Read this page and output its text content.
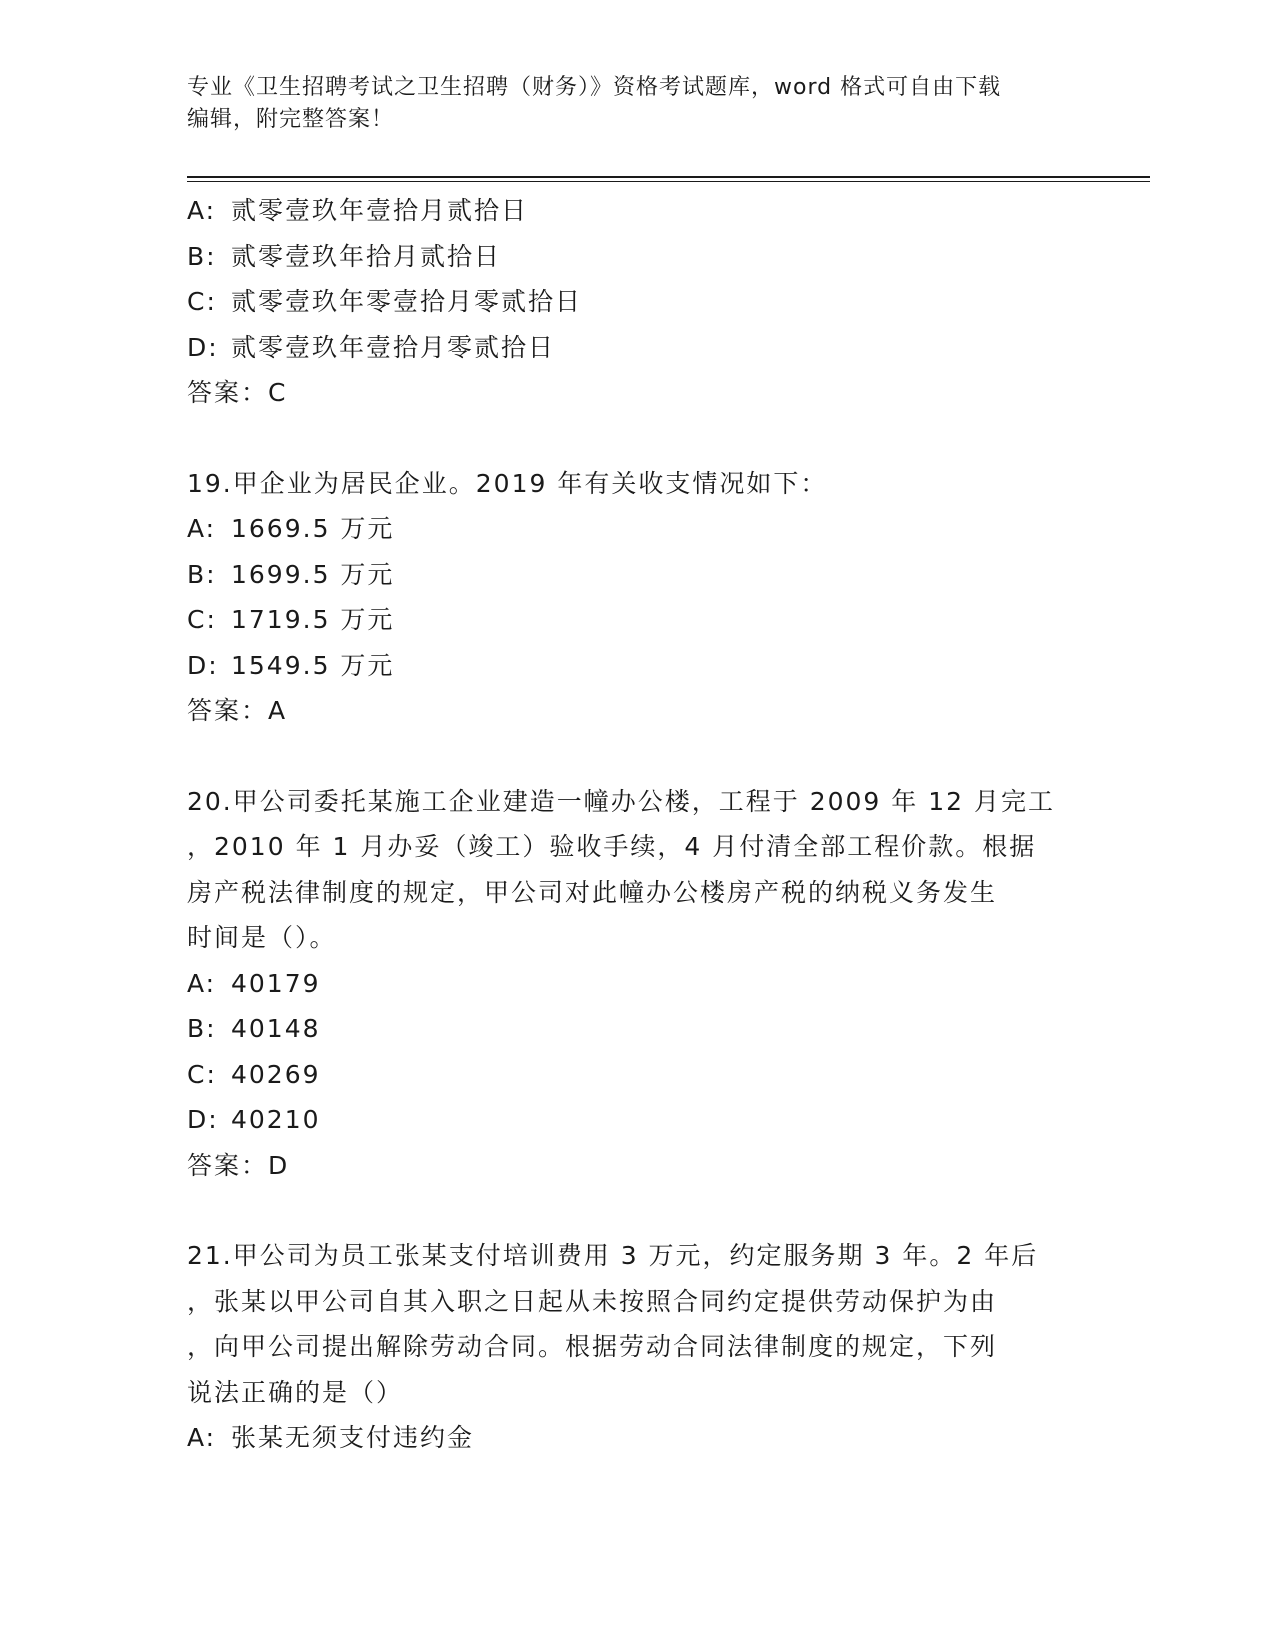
专业《卫生招聘考试之卫生招聘（财务）》资格考试题库，word 格式可自由下载
编辑，附完整答案！
A: 贰零壹玖年壹拾月贰拾日
B: 贰零壹玖年拾月贰拾日
C: 贰零壹玖年零壹拾月零贰拾日
D: 贰零壹玖年壹拾月零贰拾日
答案：C
19.甲企业为居民企业。2019 年有关收支情况如下：
A: 1669.5 万元
B: 1699.5 万元
C: 1719.5 万元
D: 1549.5 万元
答案：A
20.甲公司委托某施工企业建造一幢办公楼，工程于 2009 年 12 月完工
，2010 年 1 月办妥（竣工）验收手续，4 月付清全部工程价款。根据
房产税法律制度的规定，甲公司对此幢办公楼房产税的纳税义务发生
时间是（）。
A: 40179
B: 40148
C: 40269
D: 40210
答案：D
21.甲公司为员工张某支付培训费用 3 万元，约定服务期 3 年。2 年后
，张某以甲公司自其入职之日起从未按照合同约定提供劳动保护为由
，向甲公司提出解除劳动合同。根据劳动合同法律制度的规定，下列
说法正确的是（）
A: 张某无须支付违约金
